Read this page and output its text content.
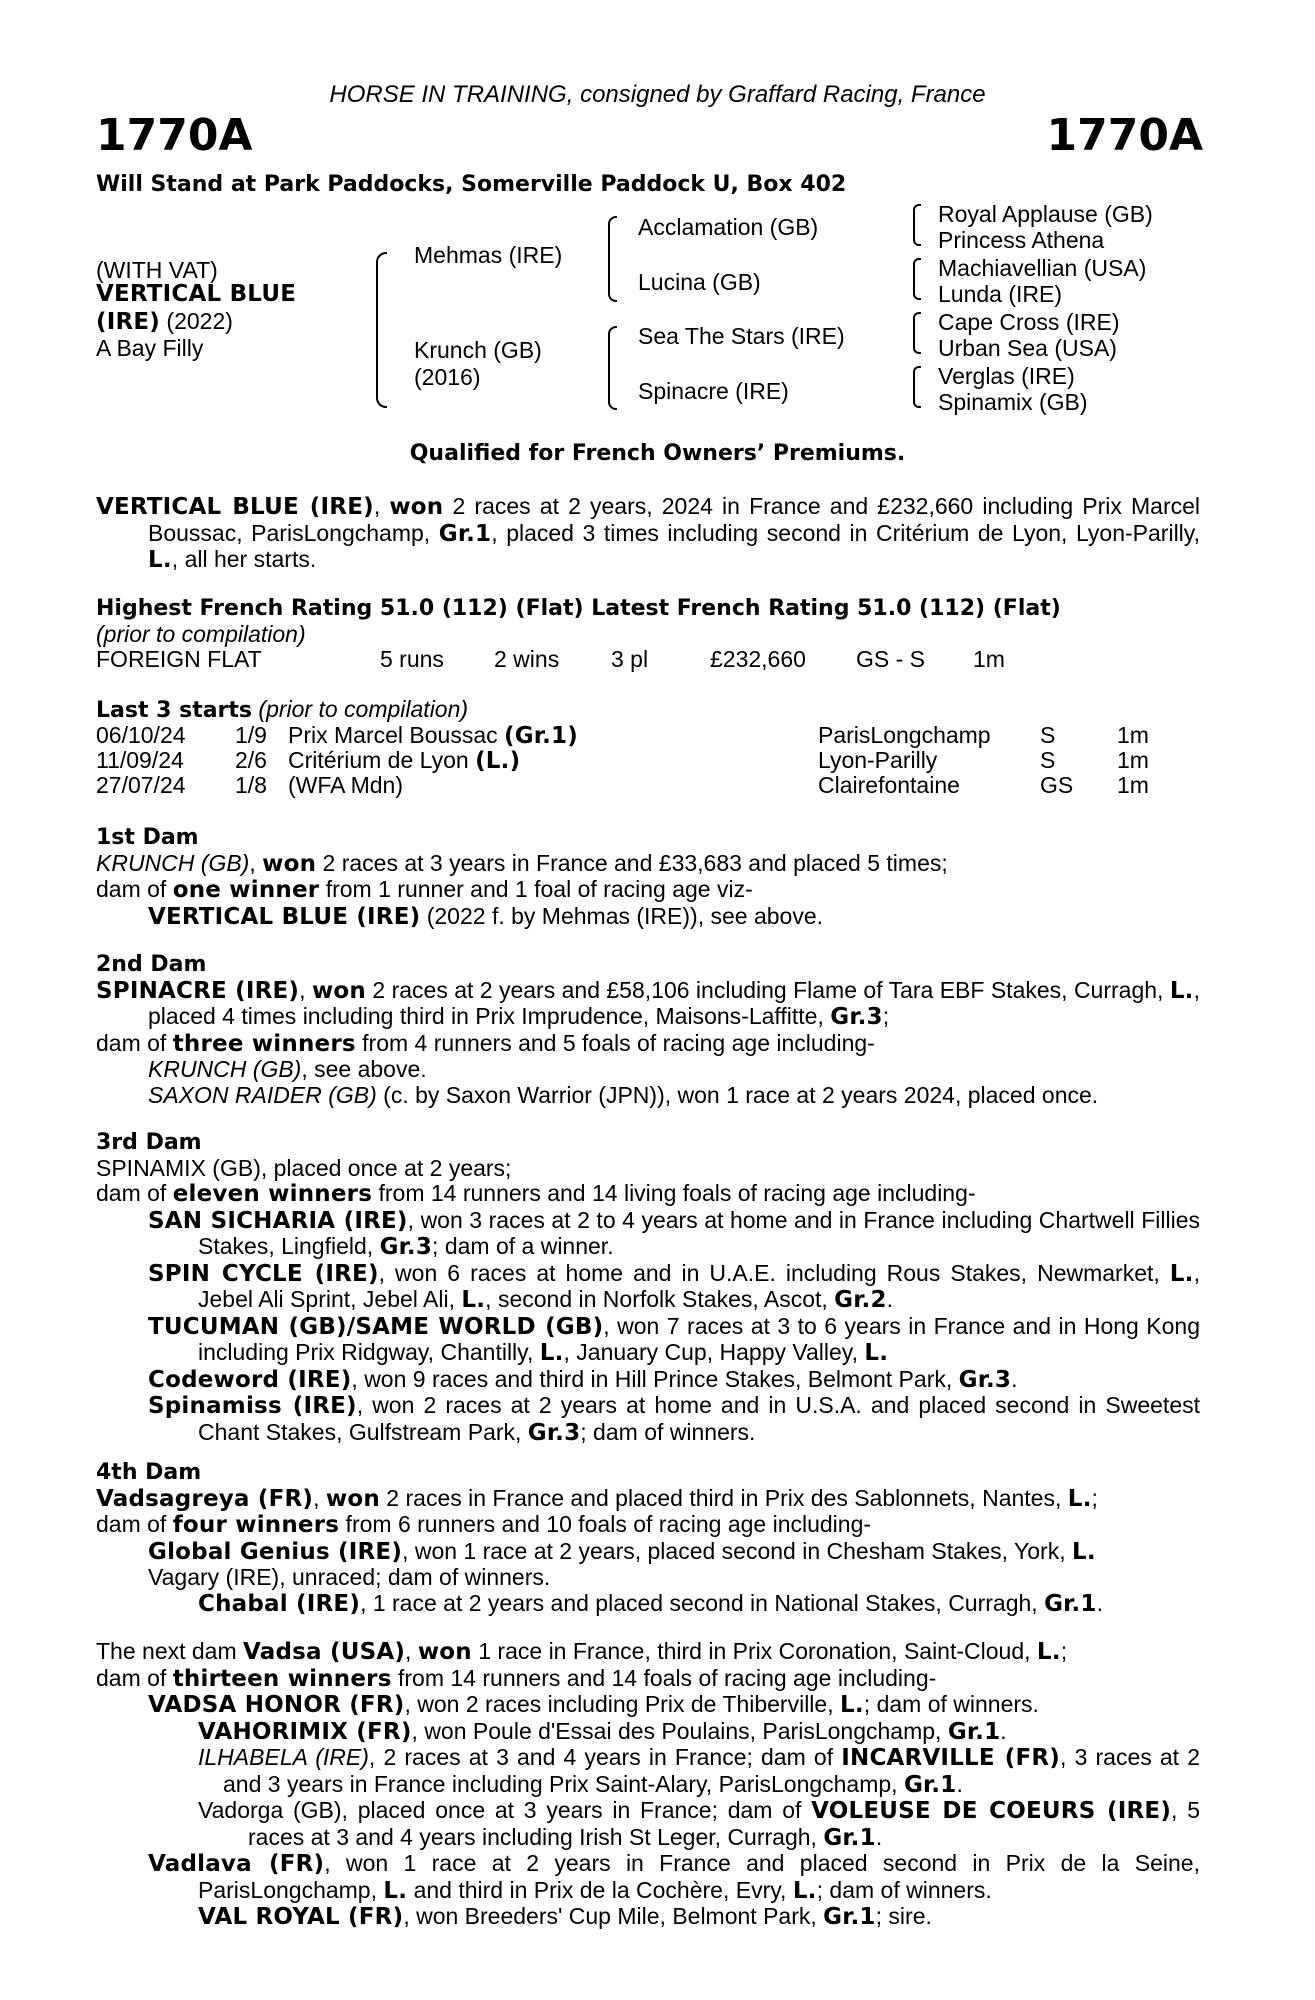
HORSE IN TRAINING, consigned by Graffard Racing, France
1770A	1770A
Will Stand at Park Paddocks, Somerville Paddock U, Box 402
(WITH VAT)
VERTICAL BLUE
(IRE) (2022)
A Bay Filly
Mehmas (IRE)
Krunch (GB)
(2016)
Acclamation (GB)
Lucina (GB)
Sea The Stars (IRE)
Spinacre (IRE)
Royal Applause (GB)
Princess Athena
Machiavellian (USA)
Lunda (IRE)
Cape Cross (IRE)
Urban Sea (USA)
Verglas (IRE)
Spinamix (GB)
Qualified for French Owners’ Premiums.

VERTICAL BLUE (IRE), won 2 races at 2 years, 2024 in France and £232,660 including Prix Marcel Boussac, ParisLongchamp, Gr.1, placed 3 times including second in Critérium de Lyon, Lyon-Parilly, L., all her starts.

Highest French Rating 51.0 (112) (Flat) Latest French Rating 51.0 (112) (Flat)
(prior to compilation)
FOREIGN FLAT	5 runs 2 wins 3 pl	£232,660 GS - S 1m
Last 3 starts (prior to compilation)
06/10/24 1/9 Prix Marcel Boussac (Gr.1)	ParisLongchamp S	1m
11/09/24 2/6 Critérium de Lyon (L.)	Lyon-Parilly	S	1m
27/07/24 1/8 (WFA Mdn)	Clairefontaine	GS 1m

1st Dam

KRUNCH (GB), won 2 races at 3 years in France and £33,683 and placed 5 times;

dam of one winner from 1 runner and 1 foal of racing age viz-

VERTICAL BLUE (IRE) (2022 f. by Mehmas (IRE)), see above.

2nd Dam

SPINACRE (IRE), won 2 races at 2 years and £58,106 including Flame of Tara EBF Stakes, Curragh, L., placed 4 times including third in Prix Imprudence, Maisons-Laffitte, Gr.3;

dam of three winners from 4 runners and 5 foals of racing age including-

KRUNCH (GB), see above.

SAXON RAIDER (GB) (c. by Saxon Warrior (JPN)), won 1 race at 2 years 2024, placed once.

3rd Dam

SPINAMIX (GB), placed once at 2 years;

dam of eleven winners from 14 runners and 14 living foals of racing age including-

SAN SICHARIA (IRE), won 3 races at 2 to 4 years at home and in France including Chartwell Fillies Stakes, Lingfield, Gr.3; dam of a winner.

SPIN CYCLE (IRE), won 6 races at home and in U.A.E. including Rous Stakes, Newmarket, L., Jebel Ali Sprint, Jebel Ali, L., second in Norfolk Stakes, Ascot, Gr.2.

TUCUMAN (GB)/SAME WORLD (GB), won 7 races at 3 to 6 years in France and in Hong Kong including Prix Ridgway, Chantilly, L., January Cup, Happy Valley, L.

Codeword (IRE), won 9 races and third in Hill Prince Stakes, Belmont Park, Gr.3.

Spinamiss (IRE), won 2 races at 2 years at home and in U.S.A. and placed second in Sweetest Chant Stakes, Gulfstream Park, Gr.3; dam of winners.

4th Dam

Vadsagreya (FR), won 2 races in France and placed third in Prix des Sablonnets, Nantes, L.;

dam of four winners from 6 runners and 10 foals of racing age including-

Global Genius (IRE), won 1 race at 2 years, placed second in Chesham Stakes, York, L.

Vagary (IRE), unraced; dam of winners.

Chabal (IRE), 1 race at 2 years and placed second in National Stakes, Curragh, Gr.1.

The next dam Vadsa (USA), won 1 race in France, third in Prix Coronation, Saint-Cloud, L.;

dam of thirteen winners from 14 runners and 14 foals of racing age including-

VADSA HONOR (FR), won 2 races including Prix de Thiberville, L.; dam of winners.

VAHORIMIX (FR), won Poule d'Essai des Poulains, ParisLongchamp, Gr.1.

ILHABELA (IRE), 2 races at 3 and 4 years in France; dam of INCARVILLE (FR), 3 races at 2 and 3 years in France including Prix Saint-Alary, ParisLongchamp, Gr.1.

Vadorga (GB), placed once at 3 years in France; dam of VOLEUSE DE COEURS (IRE), 5 races at 3 and 4 years including Irish St Leger, Curragh, Gr.1.

Vadlava (FR), won 1 race at 2 years in France and placed second in Prix de la Seine, ParisLongchamp, L. and third in Prix de la Cochère, Evry, L.; dam of winners.

VAL ROYAL (FR), won Breeders' Cup Mile, Belmont Park, Gr.1; sire.
